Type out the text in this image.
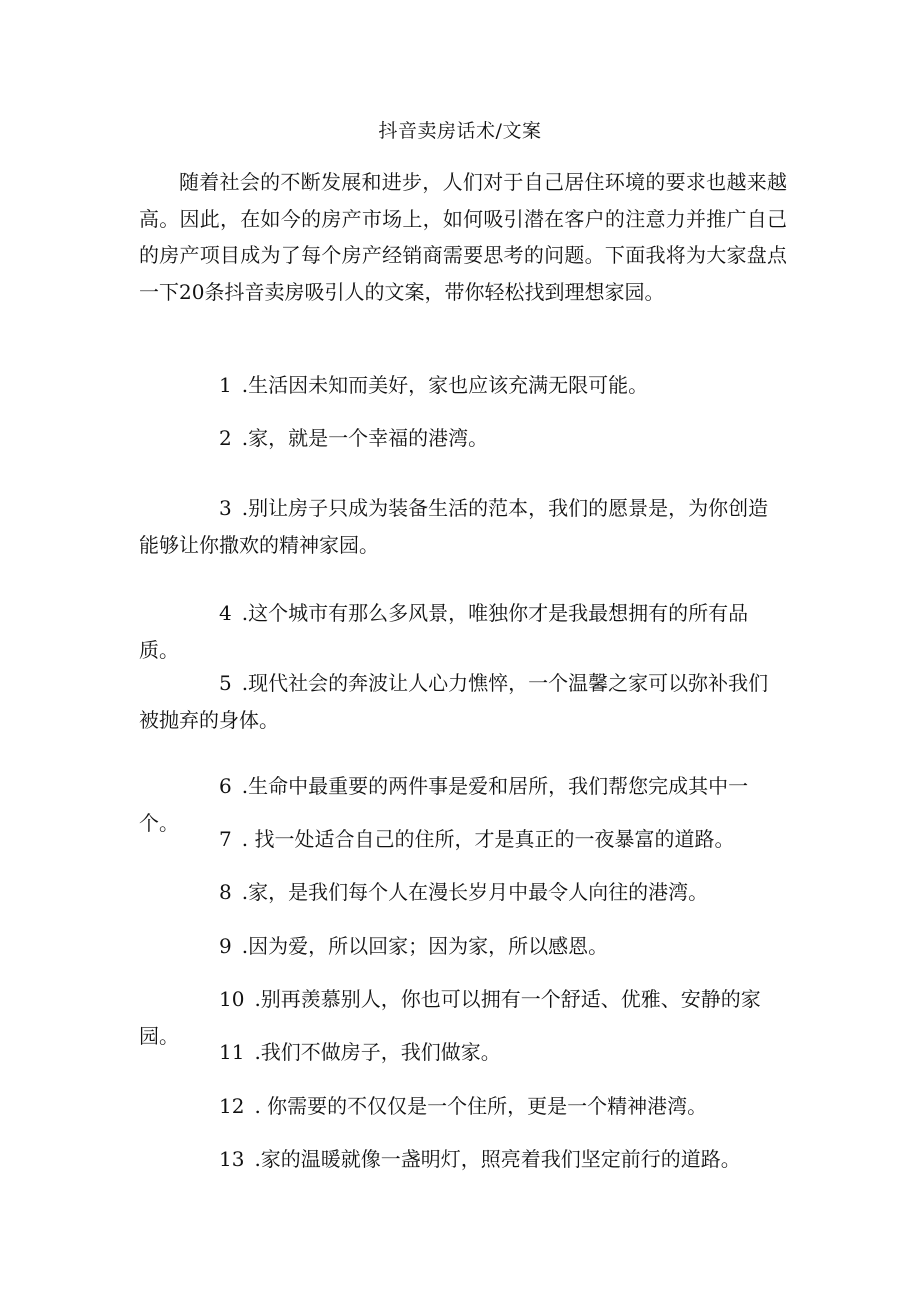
抖音卖房话术/文案

随着社会的不断发展和进步，人们对于自己居住环境的要求也越来越高。因此，在如今的房产市场上，如何吸引潜在客户的注意力并推广自己的房产项目成为了每个房产经销商需要思考的问题。下面我将为大家盘点一下20条抖音卖房吸引人的文案，带你轻松找到理想家园。

1 .生活因未知而美好，家也应该充满无限可能。

2 .家，就是一个幸福的港湾。

3 .别让房子只成为装备生活的范本，我们的愿景是，为你创造能够让你撒欢的精神家园。

4 .这个城市有那么多风景，唯独你才是我最想拥有的所有品质。

5 .现代社会的奔波让人心力憔悴，一个温馨之家可以弥补我们被抛弃的身体。

6 .生命中最重要的两件事是爱和居所，我们帮您完成其中一个。

7 . 找一处适合自己的住所，才是真正的一夜暴富的道路。

8 .家，是我们每个人在漫长岁月中最令人向往的港湾。

9 .因为爱，所以回家；因为家，所以感恩。

10 .别再羡慕别人，你也可以拥有一个舒适、优雅、安静的家园。

11 .我们不做房子，我们做家。

12 . 你需要的不仅仅是一个住所，更是一个精神港湾。

13 .家的温暖就像一盏明灯，照亮着我们坚定前行的道路。
